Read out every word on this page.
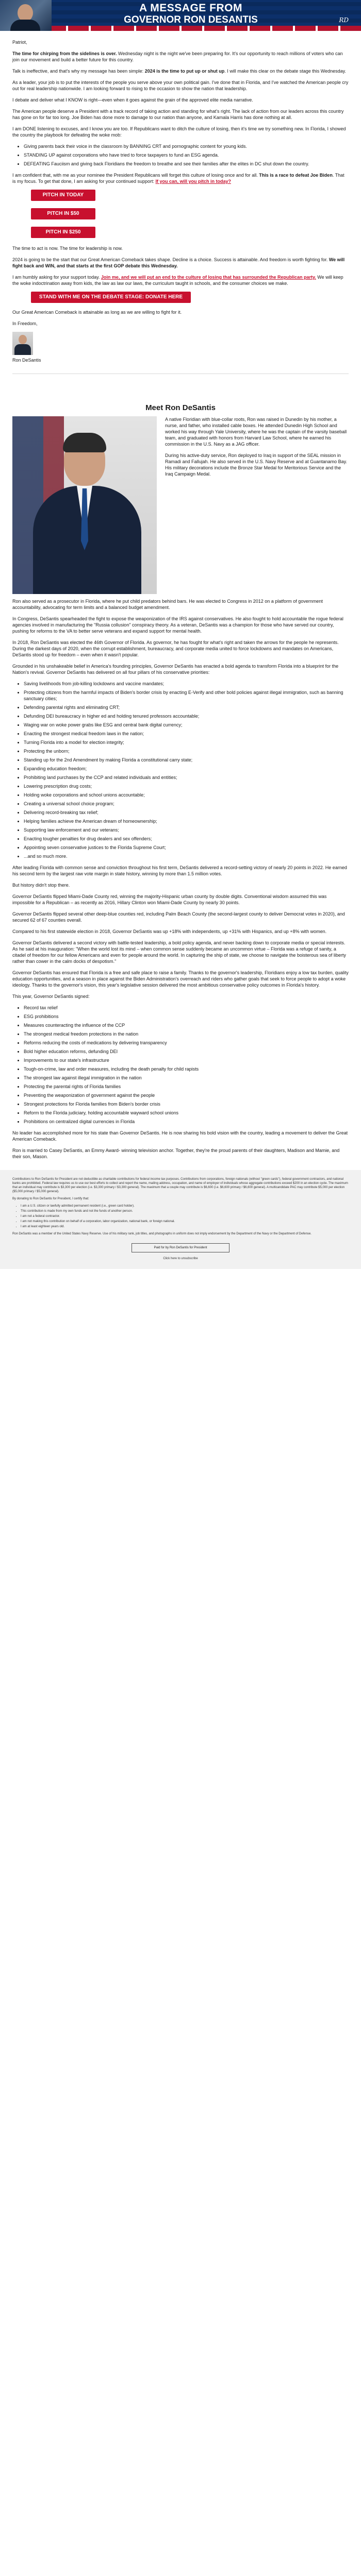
A MESSAGE FROM
GOVERNOR RON DESANTIS	RD

Patriot,

The time for chirping from the sidelines is over. Wednesday night is the night we've been preparing for. It's our opportunity to reach millions of voters who can join our movement and build a better future for this country.

Talk is ineffective, and that's why my message has been simple: 2024 is the time to put up or shut up. I will make this clear on the debate stage this Wednesday.

As a leader, your job is to put the interests of the people you serve above your own political gain. I've done that in Florida, and I've watched the American people cry out for real leadership nationwide. I am looking forward to rising to the occasion to show the nation that leadership.

I debate and deliver what I KNOW is right—even when it goes against the grain of the approved elite media narrative.

The American people deserve a President with a track record of taking action and standing for what's right. The lack of action from our leaders across this country has gone on for far too long. Joe Biden has done more to damage to our nation than anyone, and Kamala Harris has done nothing at all.

I am DONE listening to excuses, and I know you are too. If Republicans want to ditch the culture of losing, then it's time we try something new. In Florida, I showed the country the playbook for defeating the woke mob:

• Giving parents back their voice in the classroom by BANNING CRT and pornographic content for young kids.
• STANDING UP against corporations who have tried to force taxpayers to fund an ESG agenda.
• DEFEATING Fauciism and giving back Floridians the freedom to breathe and see their families after the elites in DC shut down the country.

I am confident that, with me as your nominee the President Republicans will forget this culture of losing once and for all. This is a race to defeat Joe Biden. That is my focus. To get that done, I am asking for your continued support: If you can, will you pitch in today?

PITCH IN TODAY
PITCH IN $50
PITCH IN $250

The time to act is now. The time for leadership is now.

2024 is going to be the start that our Great American Comeback takes shape. Decline is a choice. Success is attainable. And freedom is worth fighting for. We will fight back and WIN, and that starts at the first GOP debate this Wednesday.

I am humbly asking for your support today. Join me, and we will put an end to the culture of losing that has surrounded the Republican party. We will keep the woke indoctrination away from kids, the law as law our laws, the curriculum taught in schools, and the consumer choices we make.

STAND WITH ME ON THE DEBATE STAGE: DONATE HERE

Our Great American Comeback is attainable as long as we are willing to fight for it.

In Freedom,

Ron DeSantis

Meet Ron DeSantis

A native Floridian with blue-collar roots, Ron was raised in Dunedin by his mother, a nurse, and father, who installed cable boxes. He attended Dunedin High School and worked his way through Yale University, where he was the captain of the varsity baseball team, and graduated with honors from Harvard Law School, where he earned his commission in the U.S. Navy as a JAG officer.

During his active-duty service, Ron deployed to Iraq in support of the SEAL mission in Ramadi and Fallujah. He also served in the U.S. Navy Reserve and at Guantanamo Bay. His military decorations include the Bronze Star Medal for Meritorious Service and the Iraq Campaign Medal.

Ron also served as a prosecutor in Florida, where he put child predators behind bars. He was elected to Congress in 2012 on a platform of government accountability, advocating for term limits and a balanced budget amendment.

In Congress, DeSantis spearheaded the fight to expose the weaponization of the IRS against conservatives. He also fought to hold accountable the rogue federal agencies involved in manufacturing the "Russia collusion" conspiracy theory. As a veteran, DeSantis was a champion for those who have served our country, pushing for reforms to the VA to better serve veterans and expand support for mental health.

In 2018, Ron DeSantis was elected the 46th Governor of Florida. As governor, he has fought for what's right and taken the arrows for the people he represents. During the darkest days of 2020, when the corrupt establishment, bureaucracy, and corporate media united to force lockdowns and mandates on Americans, DeSantis stood up for freedom – even when it wasn't popular.

Grounded in his unshakeable belief in America's founding principles, Governor DeSantis has enacted a bold agenda to transform Florida into a blueprint for the Nation's revival. Governor DeSantis has delivered on all four pillars of his conservative priorities:

• Saving livelihoods from job-killing lockdowns and vaccine mandates;
• Protecting citizens from the harmful impacts of Biden's border crisis by enacting E-Verify and other bold policies against illegal immigration, such as banning sanctuary cities;
• Defending parental rights and eliminating CRT;
• Defunding DEI bureaucracy in higher ed and holding tenured professors accountable;
• Waging war on woke power grabs like ESG and central bank digital currency;
• Enacting the strongest medical freedom laws in the nation;
• Turning Florida into a model for election integrity;
• Protecting the unborn;
• Standing up for the 2nd Amendment by making Florida a constitutional carry state;
• Expanding education freedom;
• Prohibiting land purchases by the CCP and related individuals and entities;
• Lowering prescription drug costs;
• Holding woke corporations and school unions accountable;
• Creating a universal school choice program;
• Delivering record-breaking tax relief;
• Helping families achieve the American dream of homeownership;
• Supporting law enforcement and our veterans;
• Enacting tougher penalties for drug dealers and sex offenders;
• Appointing seven conservative justices to the Florida Supreme Court;
• ...and so much more.

After leading Florida with common sense and conviction throughout his first term, DeSantis delivered a record-setting victory of nearly 20 points in 2022. He earned his second term by the largest raw vote margin in state history, winning by more than 1.5 million votes.

But history didn't stop there.

Governor DeSantis flipped Miami-Dade County red, winning the majority-Hispanic urban county by double digits. Conventional wisdom assumed this was impossible for a Republican – as recently as 2016, Hillary Clinton won Miami-Dade County by nearly 30 points.

Governor DeSantis flipped several other deep-blue counties red, including Palm Beach County (the second-largest county to deliver Democrat votes in 2020), and secured 62 of 67 counties overall.

Compared to his first statewide election in 2018, Governor DeSantis was up +18% with independents, up +31% with Hispanics, and up +8% with women.

Governor DeSantis delivered a second victory with battle-tested leadership, a bold policy agenda, and never backing down to corporate media or special interests. As he said at his inauguration: "When the world lost its mind – when common sense suddenly became an uncommon virtue – Florida was a refuge of sanity, a citadel of freedom for our fellow Americans and even for people around the world. In capturing the ship of state, we choose to navigate the boisterous sea of liberty rather than cower in the calm docks of despotism."

Governor DeSantis has ensured that Florida is a free and safe place to raise a family. Thanks to the governor's leadership, Floridians enjoy a low tax burden, quality education opportunities, and a season in place against the Biden Administration's overreach and riders who gather goals that seek to force people to adopt a woke ideology. Thanks to the governor's vision, this year's legislative session delivered the most ambitious conservative policy outcomes in Florida's history.

This year, Governor DeSantis signed:

• Record tax relief
• ESG prohibitions
• Measures counteracting the influence of the CCP
• The strongest medical freedom protections in the nation
• Reforms reducing the costs of medications by delivering transparency
• Bold higher education reforms, defunding DEI
• Improvements to our state's infrastructure
• Tough-on-crime, law and order measures, including the death penalty for child rapists
• The strongest law against illegal immigration in the nation
• Protecting the parental rights of Florida families
• Preventing the weaponization of government against the people
• Strongest protections for Florida families from Biden's border crisis
• Reform to the Florida judiciary, holding accountable wayward school unions
• Prohibitions on centralized digital currencies in Florida

No leader has accomplished more for his state than Governor DeSantis. He is now sharing his bold vision with the country, leading a movement to deliver the Great American Comeback.

Ron is married to Casey DeSantis, an Emmy Award- winning television anchor. Together, they're the proud parents of their daughters, Madison and Mamie, and their son, Mason.

Contributions to Ron DeSantis for President are not deductible as charitable contributions for federal income tax purposes. Contributions from corporations, foreign nationals (without "green cards"), federal government contractors, and national banks are prohibited. Federal law requires us to use our best efforts to collect and report the name, mailing address, occupation, and name of employer of individuals whose aggregate contributions exceed $200 in an election cycle. The maximum that an individual may contribute is $3,300 per election (i.e. $3,300 primary / $3,300 general). The maximum that a couple may contribute is $6,600 (i.e. $6,600 primary / $6,600 general). A multicandidate PAC may contribute $5,000 per election ($5,000 primary / $5,000 general).

By donating to Ron DeSantis for President, I certify that:

• I am a U.S. citizen or lawfully admitted permanent resident (i.e., green card holder).
• This contribution is made from my own funds and not the funds of another person.
• I am not a federal contractor.
• I am not making this contribution on behalf of a corporation, labor organization, national bank, or foreign national.
• I am at least eighteen years old.

Ron DeSantis was a member of the United States Navy Reserve. Use of his military rank, job titles, and photographs in uniform does not imply endorsement by the Department of the Navy or the Department of Defense.

Paid for by Ron DeSantis for President
Click here to unsubscribe
